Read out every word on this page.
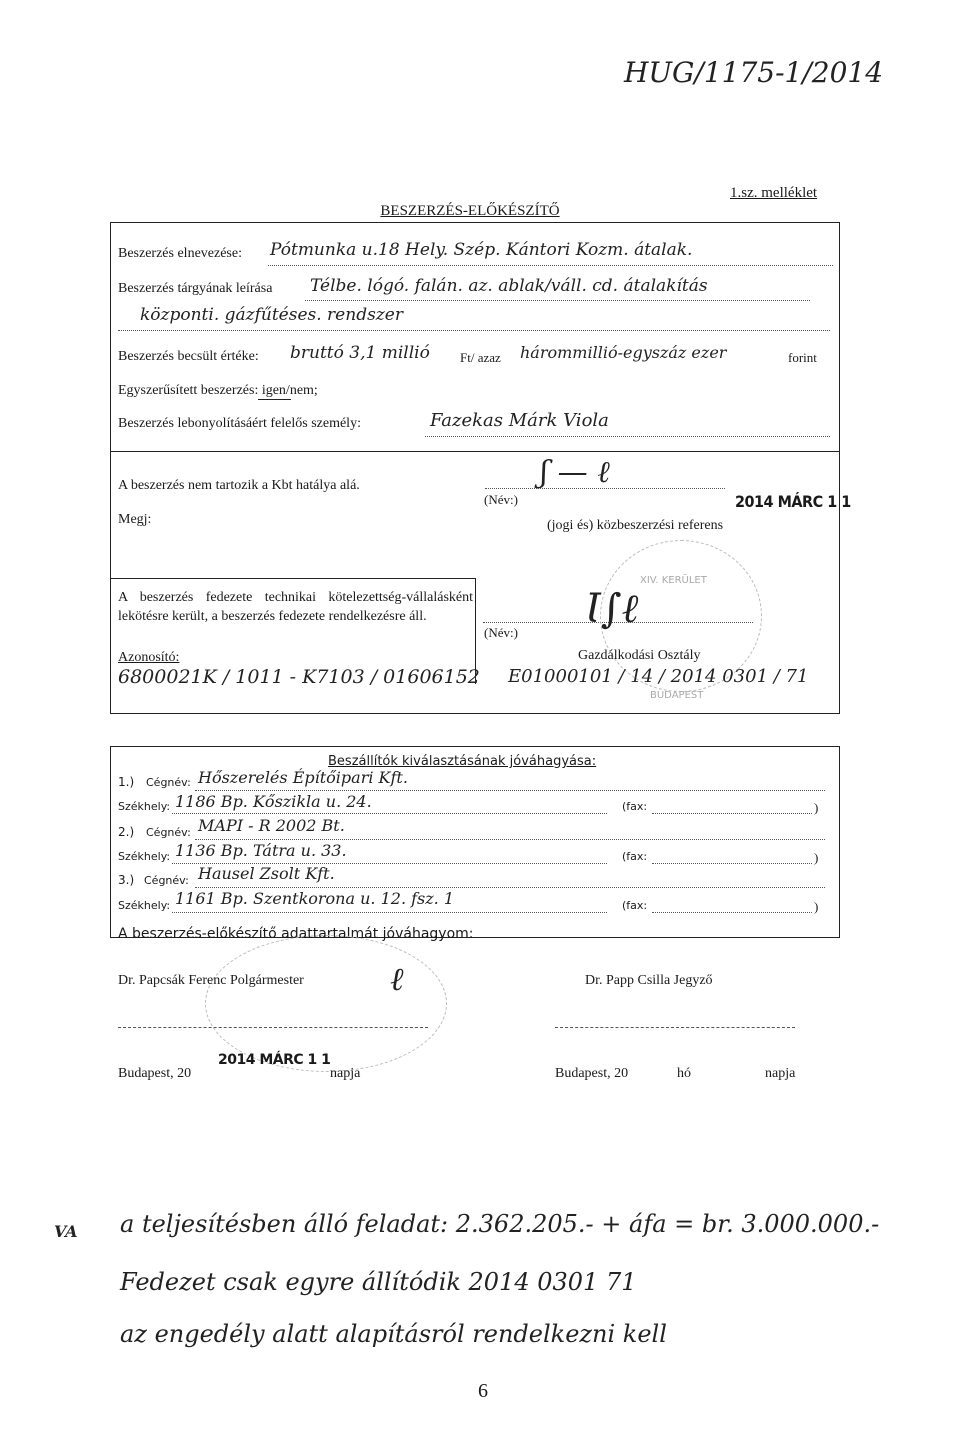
HUG/1175-1/2014
1.sz. melléklet
BESZERZÉS-ELŐKÉSZÍTŐ
Beszerzés elnevezése: Pótmunka u.18 Hely. Szép. Kántori Kozm. átalak.
Beszerzés tárgyának leírása Télbe. lógó. falán. az. ablak/váll. cd. átalakítás
központi. gázfűtéses. rendszer
Beszerzés becsült értéke: bruttó 3,1 millió Ft/ azaz hárommillió-egyszáz ezer	forint
Egyszerűsített beszerzés: igen/nem;
Beszerzés lebonyolításáért felelős személy:	Fazekas Márk Viola
A beszerzés nem tartozik a Kbt hatálya alá.	ʃ — ℓ
(Név:)	2014 MÁRC 1 1
Megj:	(jogi és) közbeszerzési referens
A beszerzés fedezete technikai kötelezettség-vállalásként lekötésre került, a beszerzés fedezete rendelkezésre áll.
(Név:)
Ɩ∫ℓ
Azonosító:
6800021K / 1011 - K7103 / 01606152
Gazdálkodási Osztály
E01000101 / 14 / 2014 0301 / 71
Beszállítók kiválasztásának jóváhagyása:
1.) Cégnév: Hőszerelés Építőipari Kft.
Székhely: 1186 Bp. Kőszikla u. 24.	(fax:	)
2.) Cégnév: MAPI - R 2002 Bt.
Székhely: 1136 Bp. Tátra u. 33.	(fax:	)
3.) Cégnév: Hausel Zsolt Kft.
Székhely: 1161 Bp. Szentkorona u. 12. fsz. 1	(fax:	)
A beszerzés-előkészítő adattartalmát jóváhagyom:
Dr. Papcsák Ferenc Polgármester	ℓ
Budapest, 20
2014 MÁRC 1 1
napja
Dr. Papp Csilla Jegyző
Budapest, 20	hó	napja
XIV. KERÜLET
BUDAPEST
VA a teljesítésben álló feladat: 2.362.205.- + áfa = br. 3.000.000.-
Fedezet csak egyre állítódik 2014 0301 71
az engedély alatt alapításról rendelkezni kell
6
